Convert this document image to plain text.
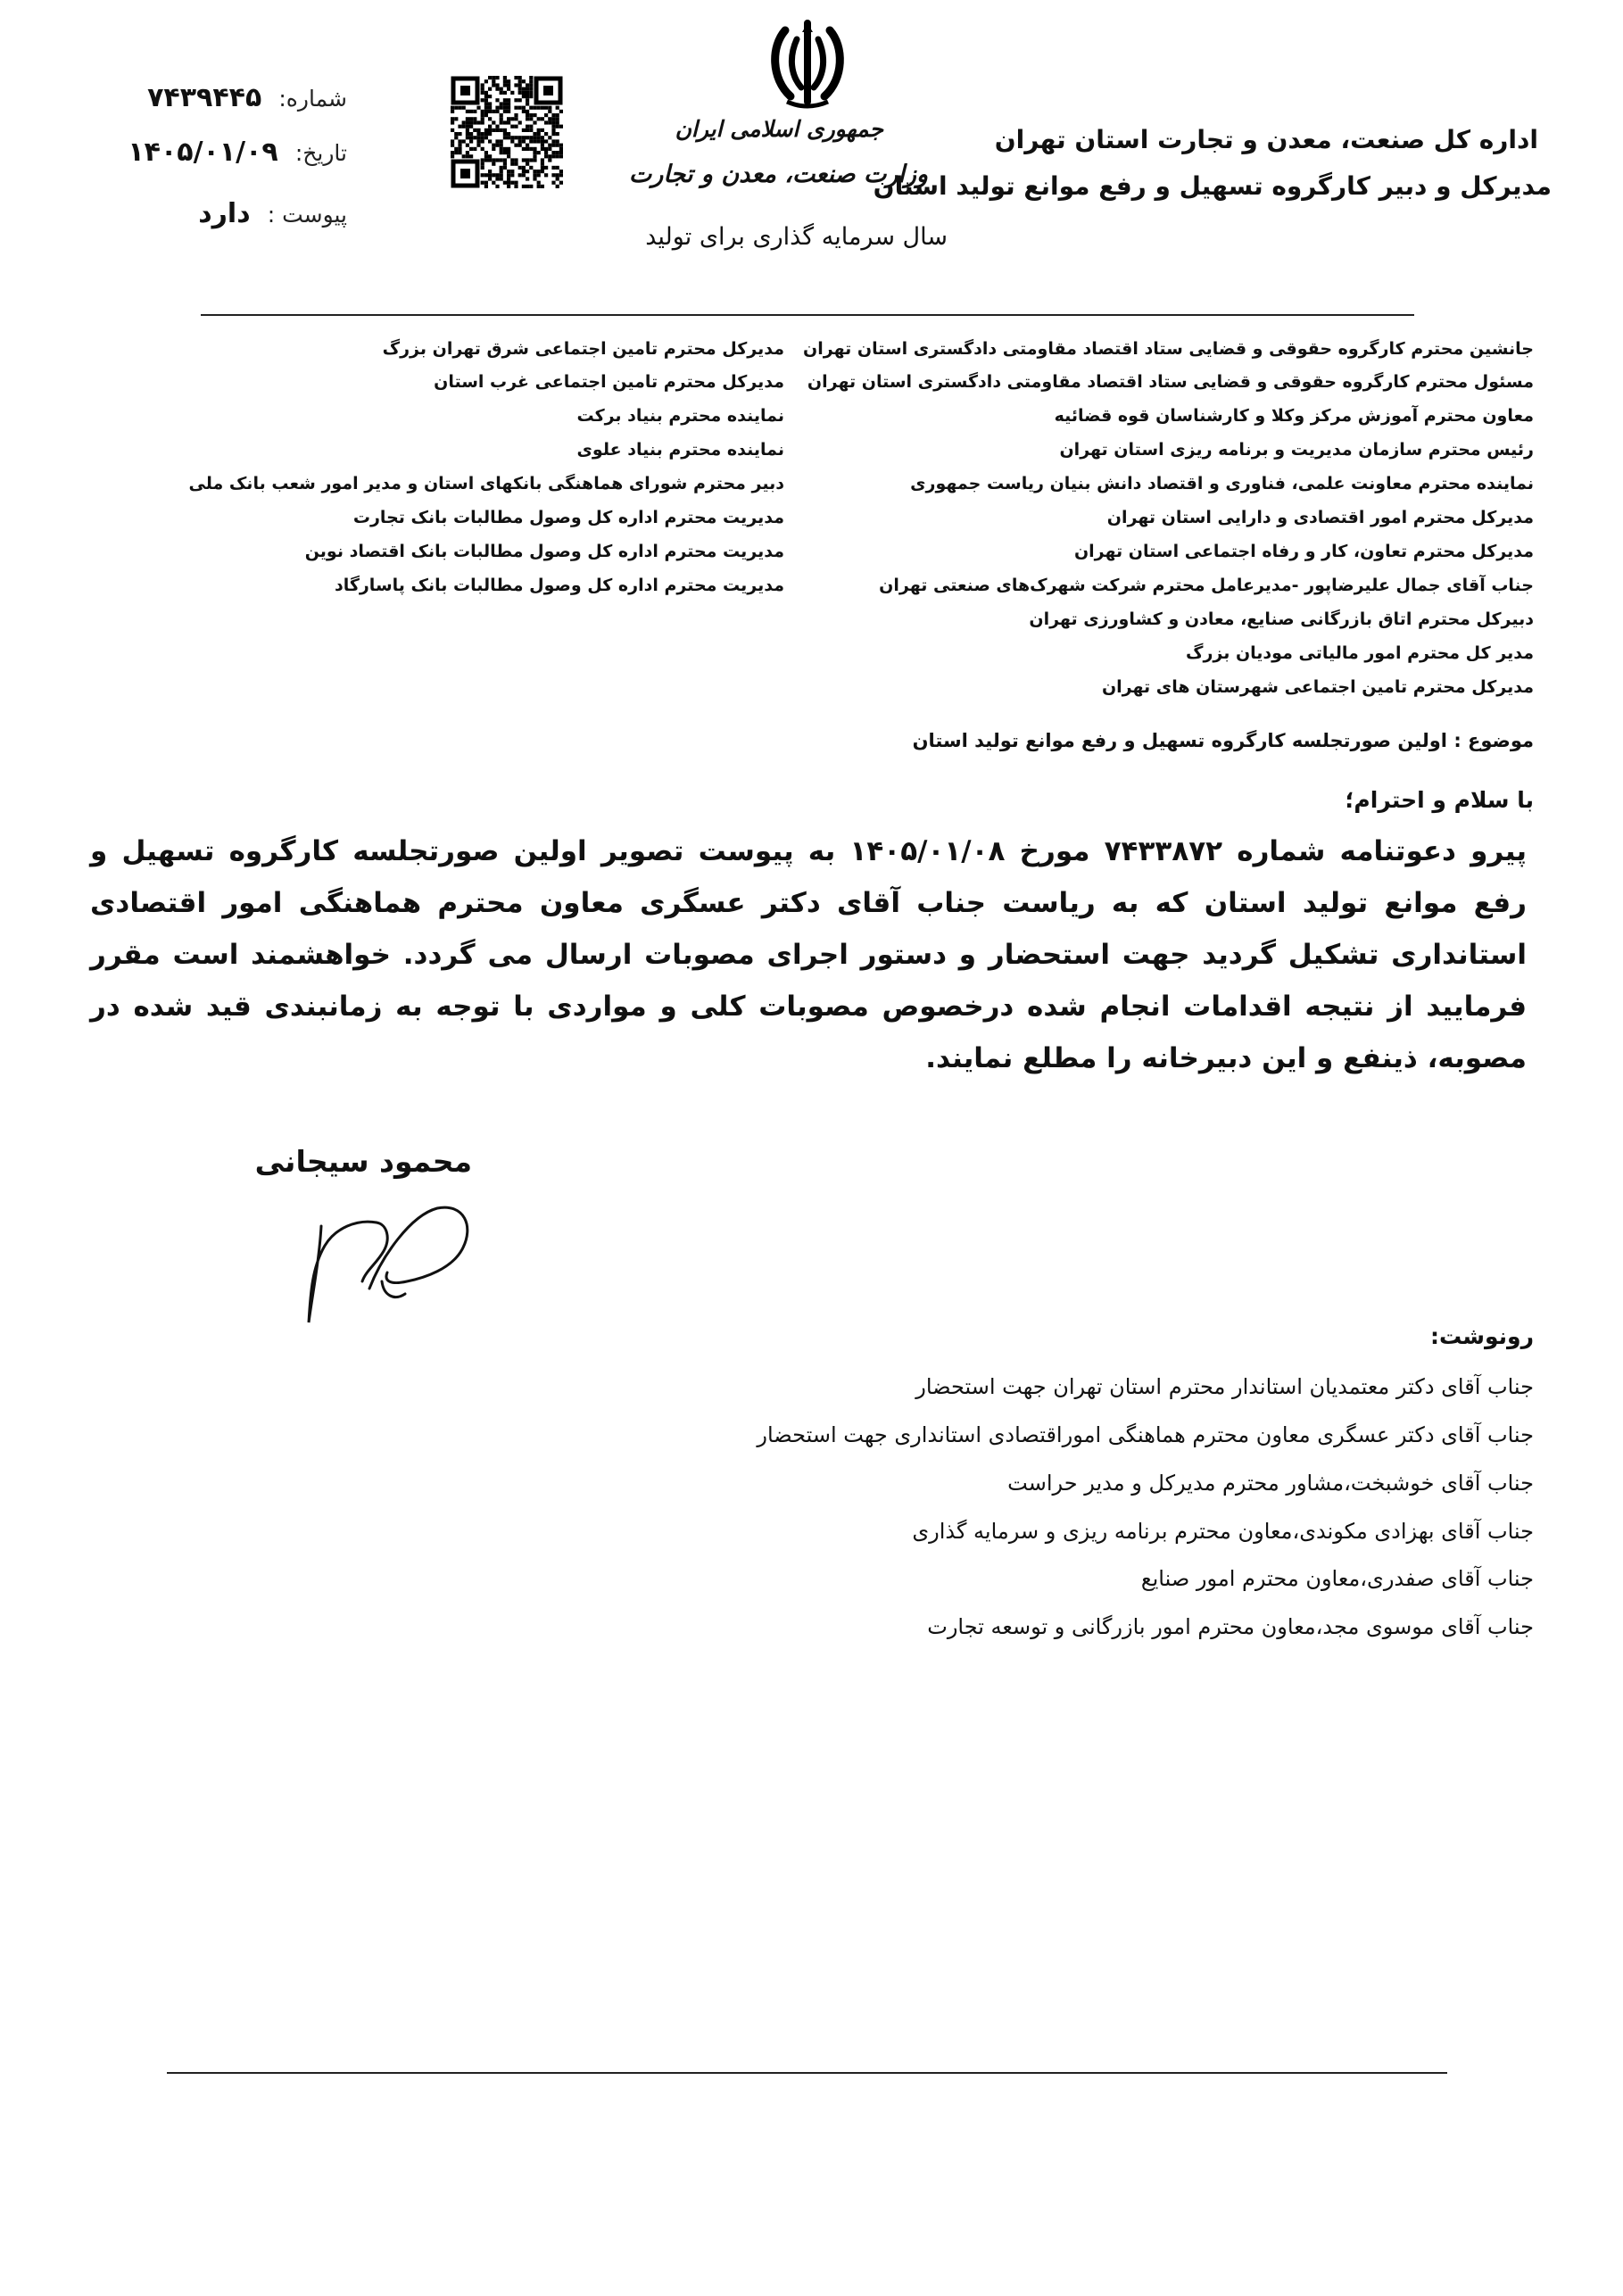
اداره کل صنعت، معدن و تجارت استان تهران
مدیرکل و دبیر کارگروه تسهیل و رفع موانع تولید استان
جمهوری اسلامی ایران
وزارت صنعت، معدن و تجارت
سال سرمایه گذاری برای تولید
شماره: ۷۴۳۹۴۴۵
تاریخ: ۱۴۰۵/۰۱/۰۹
پیوست : دارد
جانشین محترم کارگروه حقوقی و قضایی ستاد اقتصاد مقاومتی دادگستری استان تهران
مسئول محترم کارگروه حقوقی و قضایی ستاد اقتصاد مقاومتی دادگستری استان تهران
معاون محترم آموزش مرکز وکلا و کارشناسان قوه قضائیه
رئیس محترم سازمان مدیریت و برنامه ریزی استان تهران
نماینده محترم معاونت علمی، فناوری و اقتصاد دانش بنیان ریاست جمهوری
مدیرکل محترم امور اقتصادی و دارایی استان تهران
مدیرکل محترم تعاون، کار و رفاه اجتماعی استان تهران
جناب آقای جمال علیرضاپور -مدیرعامل محترم شرکت شهرک‌های صنعتی تهران
دبیرکل محترم اتاق بازرگانی صنایع، معادن و کشاورزی تهران
مدیر کل محترم امور مالیاتی مودیان بزرگ
مدیرکل محترم تامین اجتماعی شهرستان های تهران
مدیرکل محترم تامین اجتماعی شرق تهران بزرگ
مدیرکل محترم تامین اجتماعی غرب استان
نماینده محترم بنیاد برکت
نماینده محترم بنیاد علوی
دبیر محترم شورای هماهنگی بانکهای استان و مدیر امور شعب بانک ملی
مدیریت محترم اداره کل وصول مطالبات بانک تجارت
مدیریت محترم اداره کل وصول مطالبات بانک اقتصاد نوین
مدیریت محترم اداره کل وصول مطالبات بانک پاسارگاد
موضوع : اولین صورتجلسه کارگروه تسهیل و رفع موانع تولید استان
با سلام و احترام؛
پیرو دعوتنامه شماره ۷۴۳۳۸۷۲ مورخ ۱۴۰۵/۰۱/۰۸ به پیوست تصویر اولین صورتجلسه کارگروه تسهیل و رفع موانع تولید استان که به ریاست جناب آقای دکتر عسگری معاون محترم هماهنگی امور اقتصادی استانداری تشکیل گردید جهت استحضار و دستور اجرای مصوبات ارسال می گردد. خواهشمند است مقرر فرمایید از نتیجه اقدامات انجام شده درخصوص مصوبات کلی و مواردی با توجه به زمانبندی قید شده در مصوبه، ذینفع و این دبیرخانه را مطلع نمایند.
محمود سیجانی
رونوشت:
جناب آقای دکتر معتمدیان استاندار محترم استان تهران جهت استحضار
جناب آقای دکتر عسگری معاون محترم هماهنگی اموراقتصادی استانداری جهت استحضار
جناب آقای خوشبخت،مشاور محترم مدیرکل و مدیر حراست
جناب آقای بهزادی مکوندی،معاون محترم برنامه ریزی و سرمایه گذاری
جناب آقای صفدری،معاون محترم امور صنایع
جناب آقای موسوی مجد،معاون محترم امور بازرگانی و توسعه تجارت
